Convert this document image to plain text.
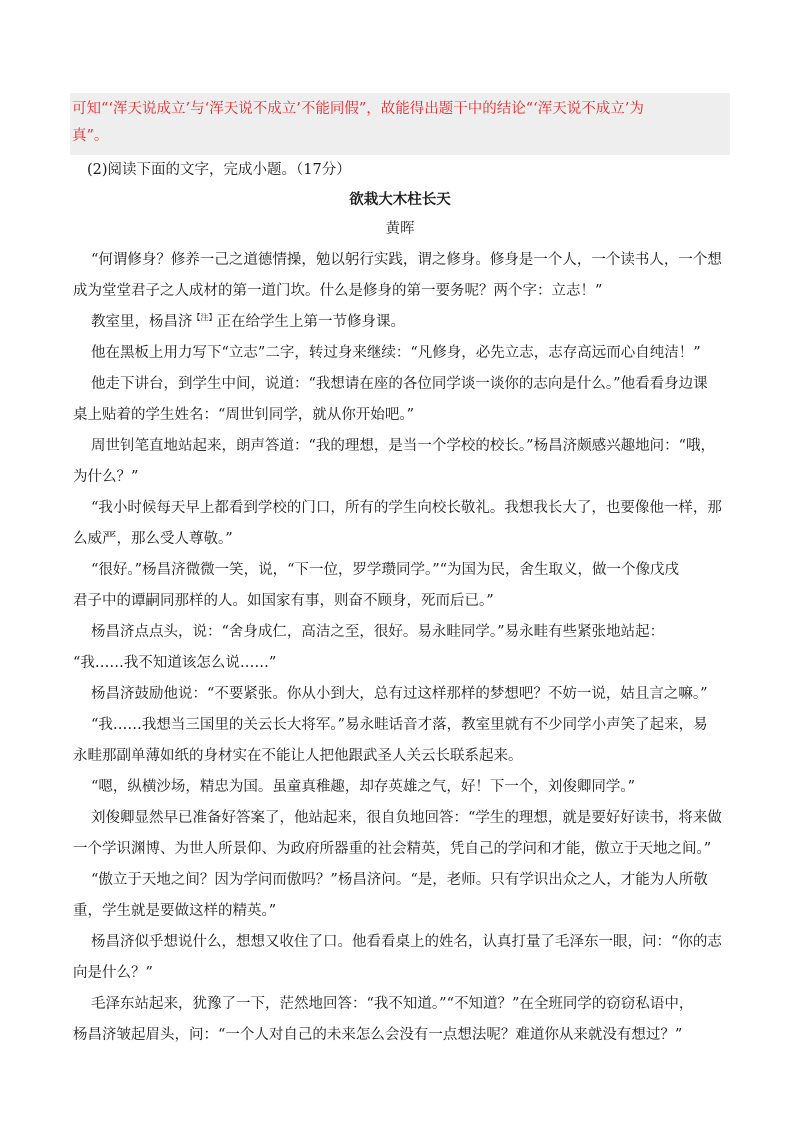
可知“‘浑天说成立’与‘浑天说不成立’不能同假”，故能得出题干中的结论“‘浑天说不成立’为
真”。
(2)阅读下面的文字，完成小题。（17分）
欲栽大木柱长天
黄晖
“何谓修身？修养一己之道德情操，勉以躬行实践，谓之修身。修身是一个人，一个读书人，一个想
成为堂堂君子之人成材的第一道门坎。什么是修身的第一要务呢？两个字：立志！”
教室里，杨昌济$^{【注】}$正在给学生上第一节修身课。
他在黑板上用力写下“立志”二字，转过身来继续：“凡修身，必先立志，志存高远而心自纯洁！”
他走下讲台，到学生中间，说道：“我想请在座的各位同学谈一谈你的志向是什么。”他看看身边课
桌上贴着的学生姓名：“周世钊同学，就从你开始吧。”
周世钊笔直地站起来，朗声答道：“我的理想，是当一个学校的校长。”杨昌济颇感兴趣地问：“哦，
为什么？”
“我小时候每天早上都看到学校的门口，所有的学生向校长敬礼。我想我长大了，也要像他一样，那
么威严，那么受人尊敬。”
“很好。”杨昌济微微一笑，说，“下一位，罗学瓒同学。”“为国为民，舍生取义，做一个像戊戌
君子中的谭嗣同那样的人。如国家有事，则奋不顾身，死而后已。”
杨昌济点点头，说：“舍身成仁，高洁之至，很好。易永畦同学。”易永畦有些紧张地站起：
“我……我不知道该怎么说……”
杨昌济鼓励他说：“不要紧张。你从小到大，总有过这样那样的梦想吧？不妨一说，姑且言之嘛。”
“我……我想当三国里的关云长大将军。”易永畦话音才落，教室里就有不少同学小声笑了起来，易
永畦那副单薄如纸的身材实在不能让人把他跟武圣人关云长联系起来。
“嗯，纵横沙场，精忠为国。虽童真稚趣，却存英雄之气，好！下一个，刘俊卿同学。”
刘俊卿显然早已准备好答案了，他站起来，很自负地回答：“学生的理想，就是要好好读书，将来做
一个学识渊博、为世人所景仰、为政府所器重的社会精英，凭自己的学问和才能，傲立于天地之间。”
“傲立于天地之间？因为学问而傲吗？”杨昌济问。“是，老师。只有学识出众之人，才能为人所敬
重，学生就是要做这样的精英。”
杨昌济似乎想说什么，想想又收住了口。他看看桌上的姓名，认真打量了毛泽东一眼，问：“你的志
向是什么？”
毛泽东站起来，犹豫了一下，茫然地回答：“我不知道。”“不知道？”在全班同学的窃窃私语中，
杨昌济皱起眉头，问：“一个人对自己的未来怎么会没有一点想法呢？难道你从来就没有想过？”
